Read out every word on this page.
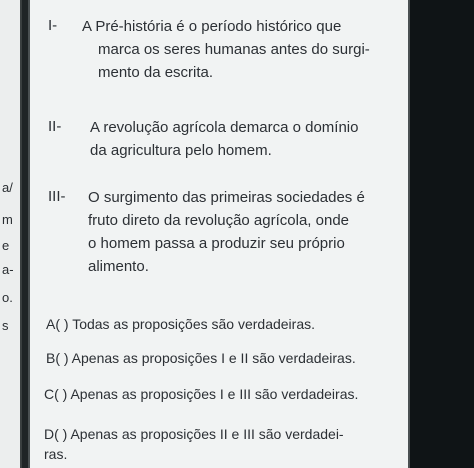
a/
m
e
a-
o.
s
I- A Pré-história é o período histórico que
marca os seres humanas antes do surgi-
mento da escrita.
II- A revolução agrícola demarca o domínio
da agricultura pelo homem.
III- O surgimento das primeiras sociedades é
fruto direto da revolução agrícola, onde
o homem passa a produzir seu próprio
alimento.
A( ) Todas as proposições são verdadeiras.
B( ) Apenas as proposições I e II são verdadeiras.
C( ) Apenas as proposições I e III são verdadeiras.
D( ) Apenas as proposições II e III são verdadei-
ras.
